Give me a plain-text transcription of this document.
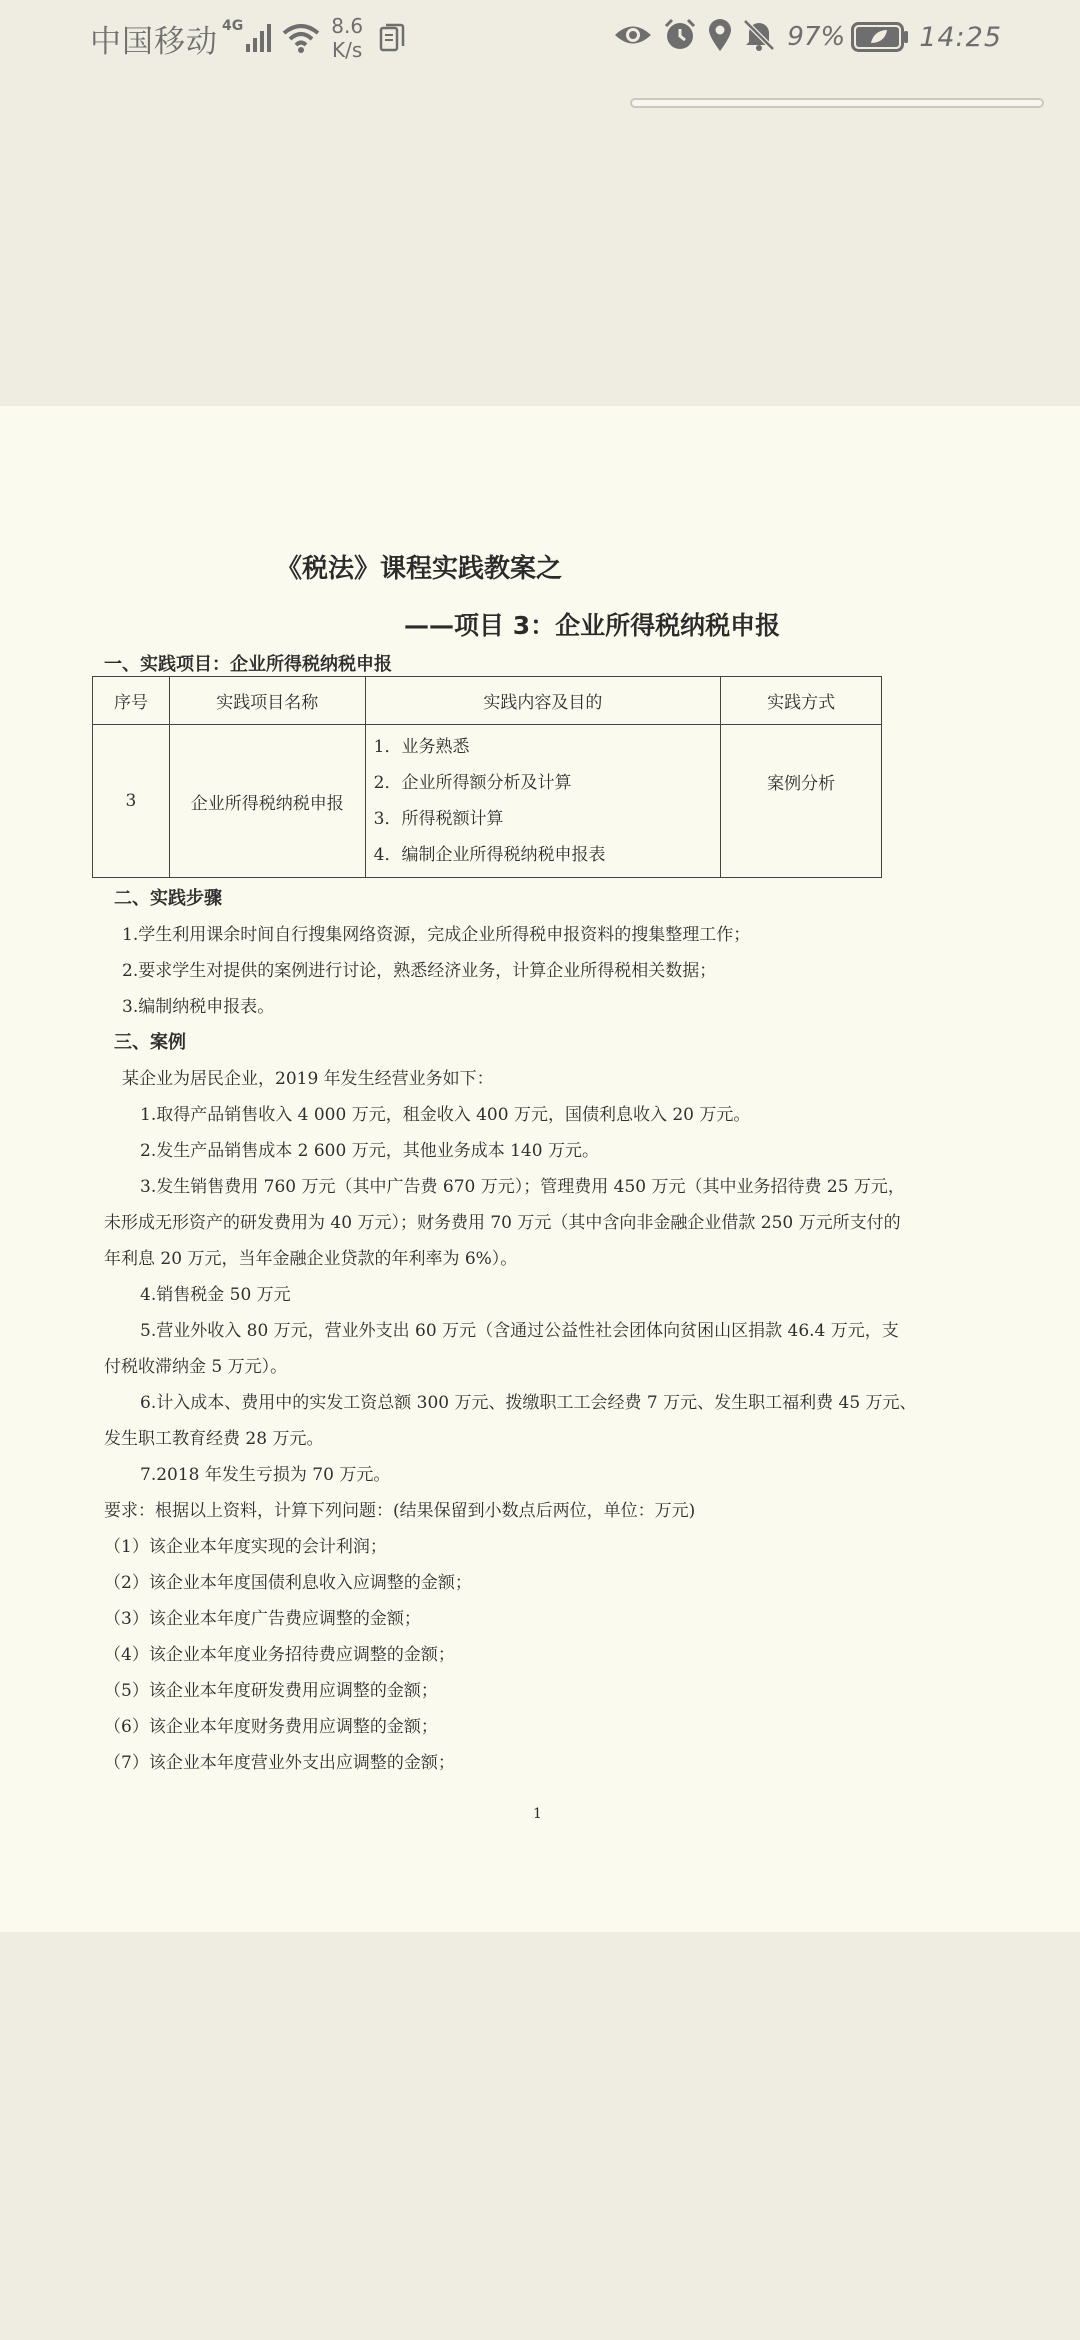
中国移动 4G	8.6
K/s	97%	14:25
《税法》课程实践教案之
——项目 3：企业所得税纳税申报
一、实践项目：企业所得税纳税申报
序号	实践项目名称	实践内容及目的	实践方式
3	企业所得税纳税申报	1．业务熟悉
2．企业所得额分析及计算
3．所得税额计算
4．编制企业所得税纳税申报表	案例分析
二、实践步骤
1.学生利用课余时间自行搜集网络资源，完成企业所得税申报资料的搜集整理工作；
2.要求学生对提供的案例进行讨论，熟悉经济业务，计算企业所得税相关数据；
3.编制纳税申报表。
三、案例
某企业为居民企业，2019 年发生经营业务如下：
1.取得产品销售收入 4 000 万元，租金收入 400 万元，国债利息收入 20 万元。
2.发生产品销售成本 2 600 万元，其他业务成本 140 万元。
3.发生销售费用 760 万元（其中广告费 670 万元）；管理费用 450 万元（其中业务招待费 25 万元，
未形成无形资产的研发费用为 40 万元）；财务费用 70 万元（其中含向非金融企业借款 250 万元所支付的
年利息 20 万元，当年金融企业贷款的年利率为 6%）。
4.销售税金 50 万元
5.营业外收入 80 万元，营业外支出 60 万元（含通过公益性社会团体向贫困山区捐款 46.4 万元，支
付税收滞纳金 5 万元）。
6.计入成本、费用中的实发工资总额 300 万元、拨缴职工工会经费 7 万元、发生职工福利费 45 万元、
发生职工教育经费 28 万元。
7.2018 年发生亏损为 70 万元。
要求：根据以上资料，计算下列问题：(结果保留到小数点后两位，单位：万元)
（1）该企业本年度实现的会计利润；
（2）该企业本年度国债利息收入应调整的金额；
（3）该企业本年度广告费应调整的金额；
（4）该企业本年度业务招待费应调整的金额；
（5）该企业本年度研发费用应调整的金额；
（6）该企业本年度财务费用应调整的金额；
（7）该企业本年度营业外支出应调整的金额；
1
